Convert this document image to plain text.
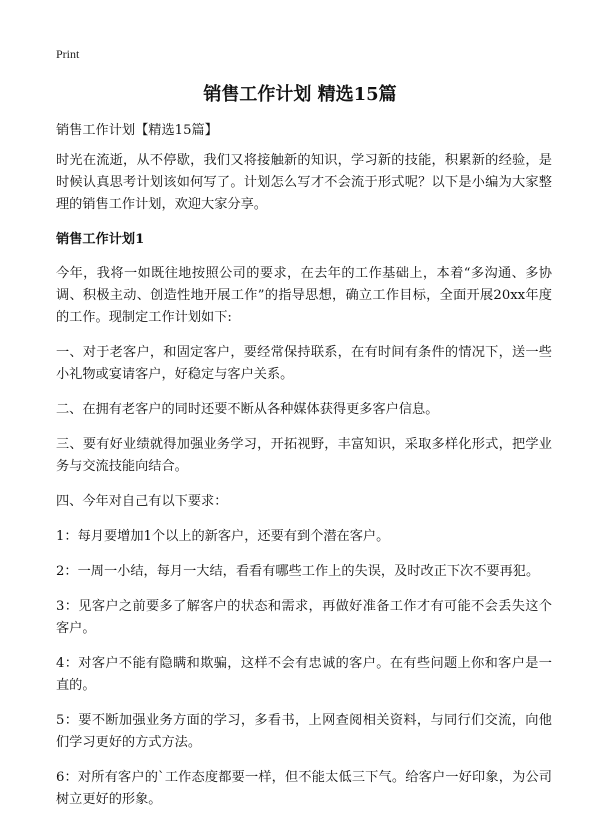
Print
销售工作计划 精选15篇

销售工作计划【精选15篇】

时光在流逝，从不停歇，我们又将接触新的知识，学习新的技能，积累新的经验，是时候认真思考计划该如何写了。计划怎么写才不会流于形式呢？以下是小编为大家整理的销售工作计划，欢迎大家分享。

销售工作计划1

今年，我将一如既往地按照公司的要求，在去年的工作基础上，本着“多沟通、多协调、积极主动、创造性地开展工作”的指导思想，确立工作目标，全面开展20xx年度的工作。现制定工作计划如下:

一、对于老客户，和固定客户，要经常保持联系，在有时间有条件的情况下，送一些小礼物或宴请客户，好稳定与客户关系。

二、在拥有老客户的同时还要不断从各种媒体获得更多客户信息。

三、要有好业绩就得加强业务学习，开拓视野，丰富知识，采取多样化形式，把学业务与交流技能向结合。

四、今年对自己有以下要求：

1：每月要增加1个以上的新客户，还要有到个潜在客户。

2：一周一小结，每月一大结，看看有哪些工作上的失误，及时改正下次不要再犯。

3：见客户之前要多了解客户的状态和需求，再做好准备工作才有可能不会丢失这个客户。

4：对客户不能有隐瞒和欺骗，这样不会有忠诚的客户。在有些问题上你和客户是一直的。

5：要不断加强业务方面的学习，多看书，上网查阅相关资料，与同行们交流，向他们学习更好的方式方法。

6：对所有客户的`工作态度都要一样，但不能太低三下气。给客户一好印象，为公司树立更好的形象。
